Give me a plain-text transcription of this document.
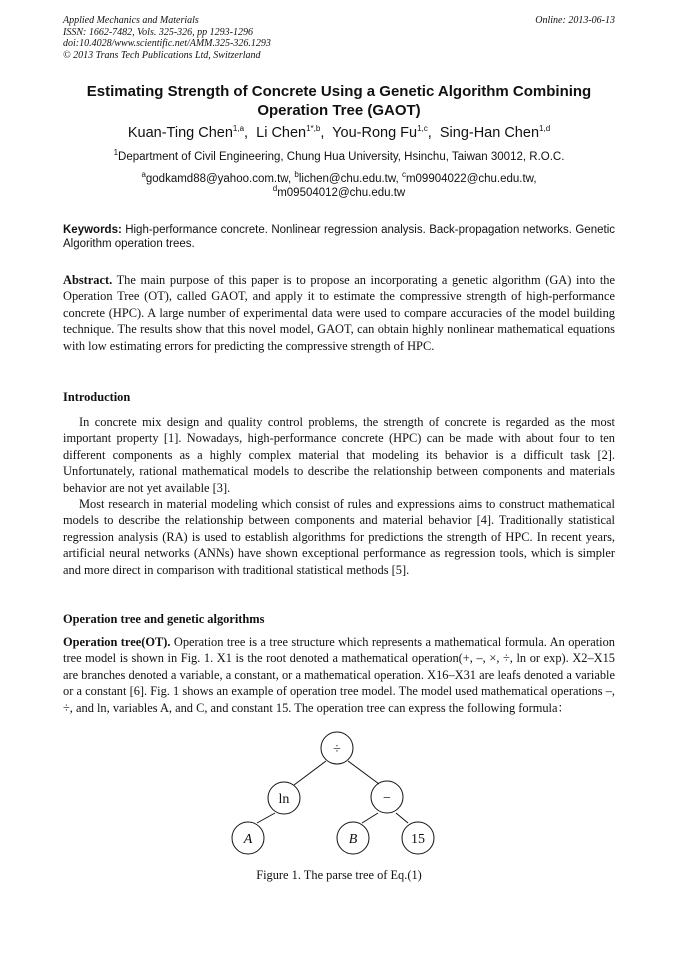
Applied Mechanics and Materials	Online: 2013-06-13
ISSN: 1662-7482, Vols. 325-326, pp 1293-1296
doi:10.4028/www.scientific.net/AMM.325-326.1293
© 2013 Trans Tech Publications Ltd, Switzerland
Estimating Strength of Concrete Using a Genetic Algorithm Combining
Operation Tree (GAOT)
Kuan-Ting Chen$^{1,a}$,  Li Chen$^{1*,b}$,  You-Rong Fu$^{1,c}$,  Sing-Han Chen$^{1,d}$
$^1$Department of Civil Engineering, Chung Hua University, Hsinchu, Taiwan 30012, R.O.C.
$^a$godkamd88@yahoo.com.tw, $^b$lichen@chu.edu.tw, $^c$m09904022@chu.edu.tw,
$^d$m09504012@chu.edu.tw
Keywords: High-performance concrete. Nonlinear regression analysis. Back-propagation networks. Genetic Algorithm operation trees.
Abstract. The main purpose of this paper is to propose an incorporating a genetic algorithm (GA) into the Operation Tree (OT), called GAOT, and apply it to estimate the compressive strength of high-performance concrete (HPC). A large number of experimental data were used to compare accuracies of the model building technique. The results show that this novel model, GAOT, can obtain highly nonlinear mathematical equations with low estimating errors for predicting the compressive strength of HPC.
Introduction
In concrete mix design and quality control problems, the strength of concrete is regarded as the most important property [1]. Nowadays, high-performance concrete (HPC) can be made with about four to ten different components as a highly complex material that modeling its behavior is a difficult task [2]. Unfortunately, rational mathematical models to describe the relationship between components and materials behavior are not yet available [3].
Most research in material modeling which consist of rules and expressions aims to construct mathematical models to describe the relationship between components and material behavior [4]. Traditionally statistical regression analysis (RA) is used to establish algorithms for predictions the strength of HPC. In recent years, artificial neural networks (ANNs) have shown exceptional performance as regression tools, which is simpler and more direct in comparison with traditional statistical methods [5].
Operation tree and genetic algorithms
Operation tree(OT). Operation tree is a tree structure which represents a mathematical formula. An operation tree model is shown in Fig. 1. X1 is the root denoted a mathematical operation(+, –, ×, ÷, ln or exp). X2–X15 are branches denoted a variable, a constant, or a mathematical operation. X16–X31 are leafs denoted a variable or a constant [6]. Fig. 1 shows an example of operation tree model. The model used mathematical operations –, ÷, and ln, variables A, and C, and constant 15. The operation tree can express the following formula：
÷
ln	−
A	B	15
Figure 1. The parse tree of Eq.(1)
